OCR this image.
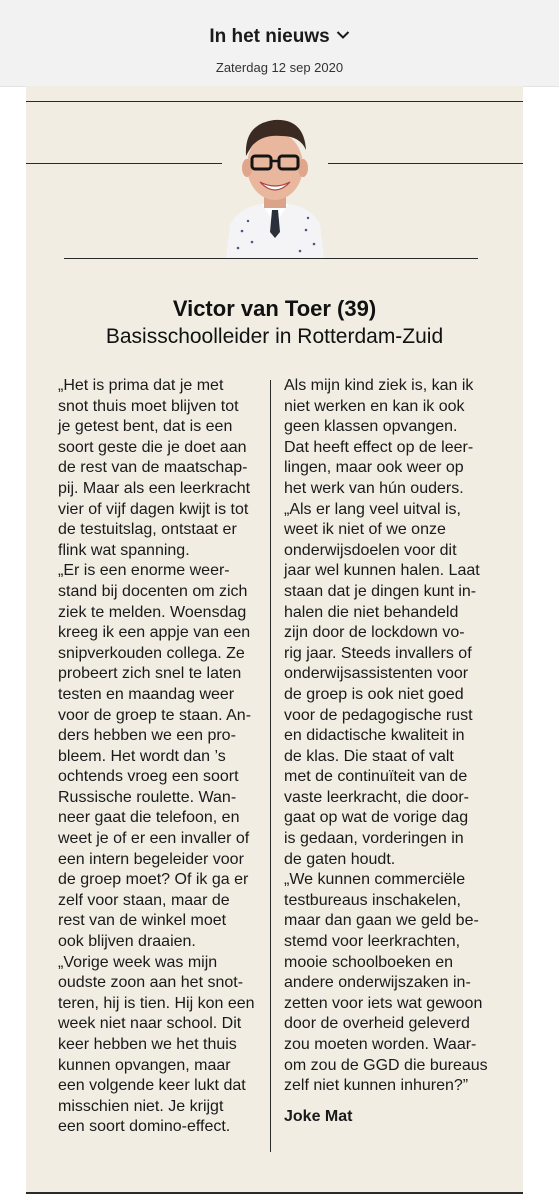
In het nieuws
Zaterdag 12 sep 2020
Victor van Toer (39)
Basisschoolleider in Rotterdam-Zuid
„Het is prima dat je met
snot thuis moet blijven tot
je getest bent, dat is een
soort geste die je doet aan
de rest van de maatschap-
pij. Maar als een leerkracht
vier of vijf dagen kwijt is tot
de testuitslag, ontstaat er
flink wat spanning.
„Er is een enorme weer-
stand bij docenten om zich
ziek te melden. Woensdag
kreeg ik een appje van een
snipverkouden collega. Ze
probeert zich snel te laten
testen en maandag weer
voor de groep te staan. An-
ders hebben we een pro-
bleem. Het wordt dan ’s
ochtends vroeg een soort
Russische roulette. Wan-
neer gaat die telefoon, en
weet je of er een invaller of
een intern begeleider voor
de groep moet? Of ik ga er
zelf voor staan, maar de
rest van de winkel moet
ook blijven draaien.
„Vorige week was mijn
oudste zoon aan het snot-
teren, hij is tien. Hij kon een
week niet naar school. Dit
keer hebben we het thuis
kunnen opvangen, maar
een volgende keer lukt dat
misschien niet. Je krijgt
een soort domino-effect.
Als mijn kind ziek is, kan ik
niet werken en kan ik ook
geen klassen opvangen.
Dat heeft effect op de leer-
lingen, maar ook weer op
het werk van hún ouders.
„Als er lang veel uitval is,
weet ik niet of we onze
onderwijsdoelen voor dit
jaar wel kunnen halen. Laat
staan dat je dingen kunt in-
halen die niet behandeld
zijn door de lockdown vo-
rig jaar. Steeds invallers of
onderwijsassistenten voor
de groep is ook niet goed
voor de pedagogische rust
en didactische kwaliteit in
de klas. Die staat of valt
met de continuïteit van de
vaste leerkracht, die door-
gaat op wat de vorige dag
is gedaan, vorderingen in
de gaten houdt.
„We kunnen commerciële
testbureaus inschakelen,
maar dan gaan we geld be-
stemd voor leerkrachten,
mooie schoolboeken en
andere onderwijszaken in-
zetten voor iets wat gewoon
door de overheid geleverd
zou moeten worden. Waar-
om zou de GGD die bureaus
zelf niet kunnen inhuren?”
Joke Mat
